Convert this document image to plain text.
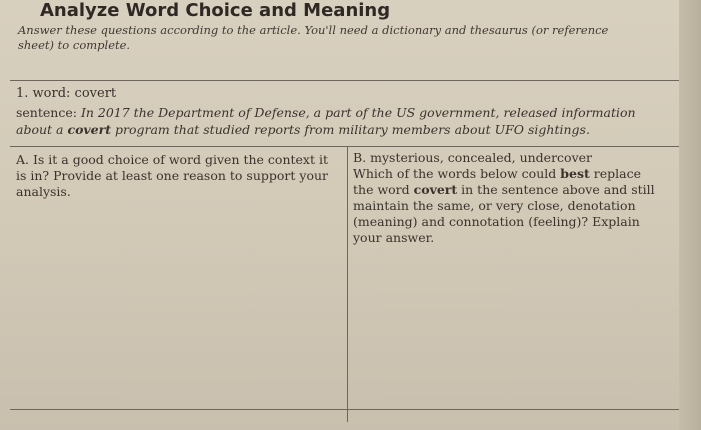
Analyze Word Choice and Meaning
Answer these questions according to the article. You'll need a dictionary and thesaurus (or reference sheet) to complete.
1. word: covert
sentence: In 2017 the Department of Defense, a part of the US government, released information about a covert program that studied reports from military members about UFO sightings.
A. Is it a good choice of word given the context it is in? Provide at least one reason to support your analysis.
B. mysterious, concealed, undercover
Which of the words below could best replace the word covert in the sentence above and still maintain the same, or very close, denotation (meaning) and connotation (feeling)? Explain your answer.
